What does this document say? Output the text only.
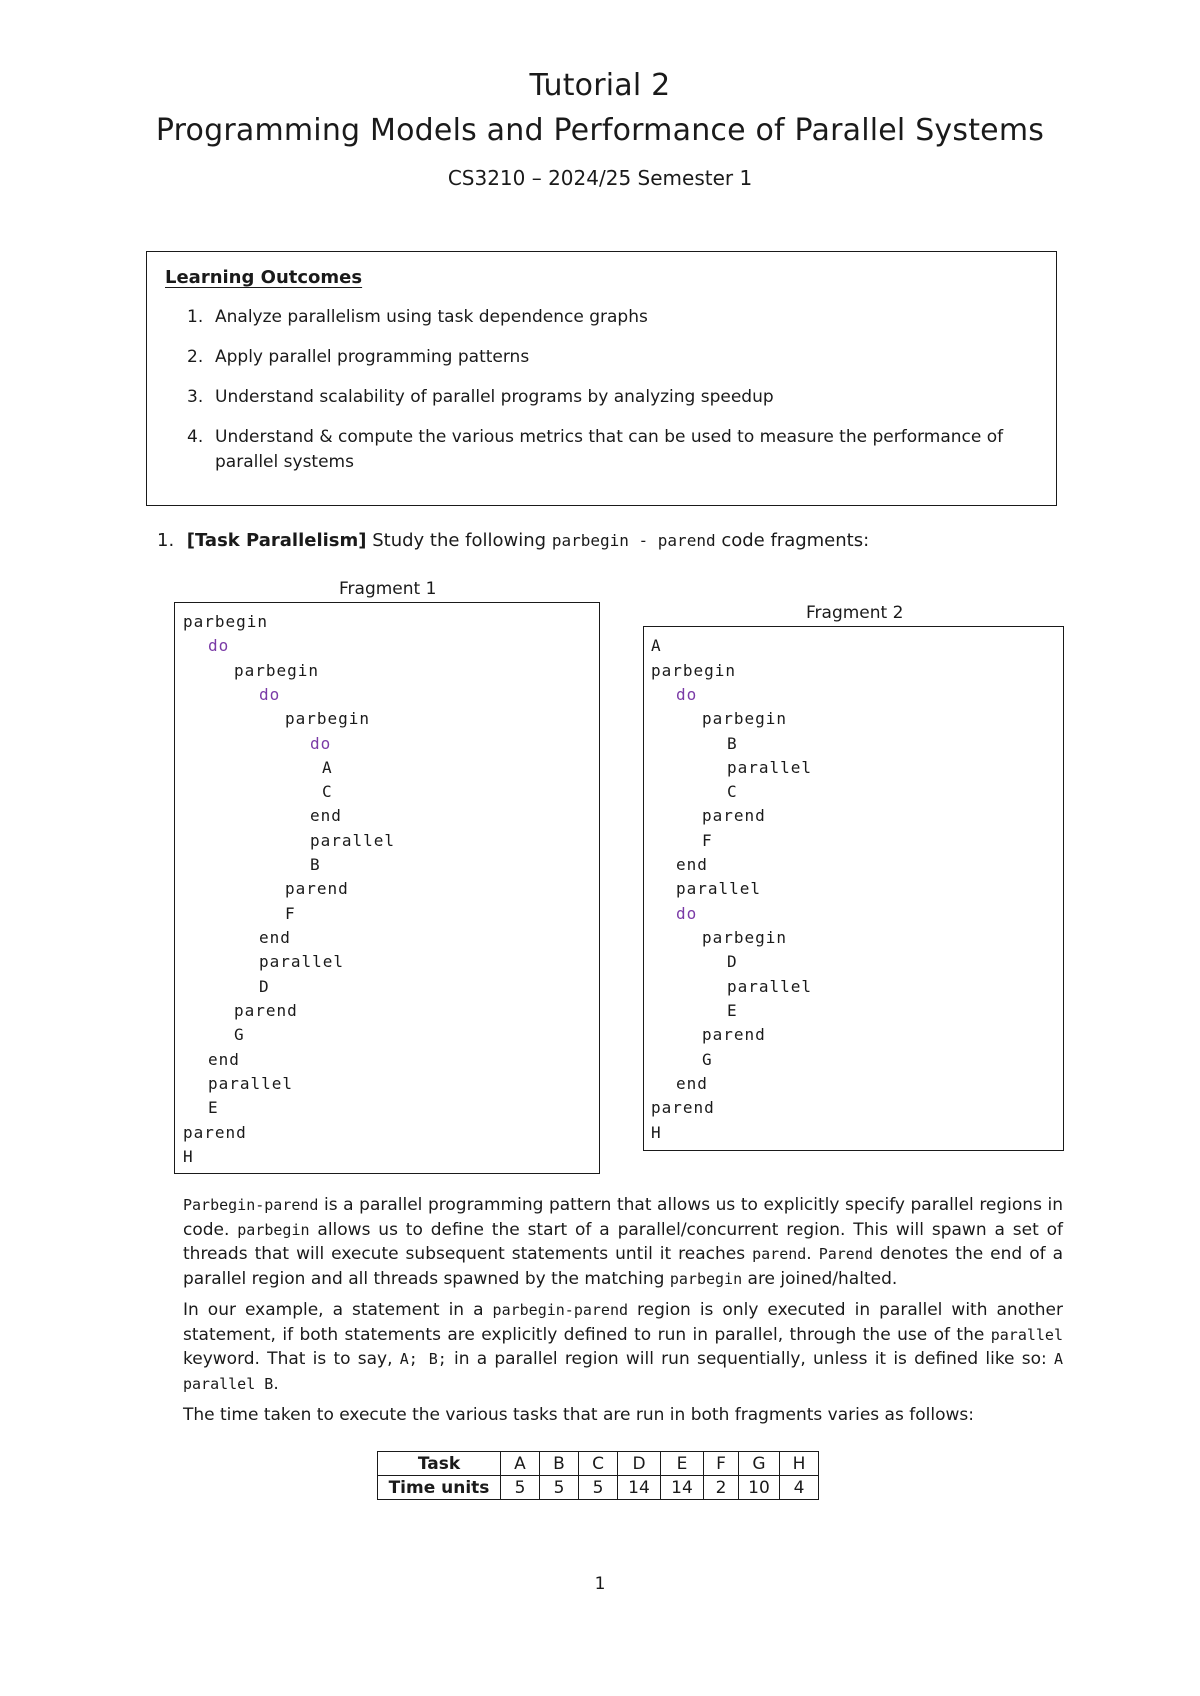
Tutorial 2
Programming Models and Performance of Parallel Systems
CS3210 – 2024/25 Semester 1
Learning Outcomes
1. Analyze parallelism using task dependence graphs
2. Apply parallel programming patterns
3. Understand scalability of parallel programs by analyzing speedup
4. Understand & compute the various metrics that can be used to measure the performance of parallel systems
1. [Task Parallelism] Study the following parbegin - parend code fragments:
Fragment 1
parbegin
do
parbegin
do
parbegin
do
A
C
end
parallel
B
parend
F
end
parallel
D
parend
G
end
parallel
E
parend
H
Fragment 2
A
parbegin
do
parbegin
B
parallel
C
parend
F
end
parallel
do
parbegin
D
parallel
E
parend
G
end
parend
H
Parbegin-parend is a parallel programming pattern that allows us to explicitly specify parallel regions in code. parbegin allows us to define the start of a parallel/concurrent region. This will spawn a set of threads that will execute subsequent statements until it reaches parend. Parend denotes the end of a parallel region and all threads spawned by the matching parbegin are joined/halted.
In our example, a statement in a parbegin-parend region is only executed in parallel with another statement, if both statements are explicitly defined to run in parallel, through the use of the parallel keyword. That is to say, A; B; in a parallel region will run sequentially, unless it is defined like so: A parallel B.
The time taken to execute the various tasks that are run in both fragments varies as follows:
Task	A	B	C	D	E	F	G	H
Time units	5	5	5	14	14	2	10	4
1
